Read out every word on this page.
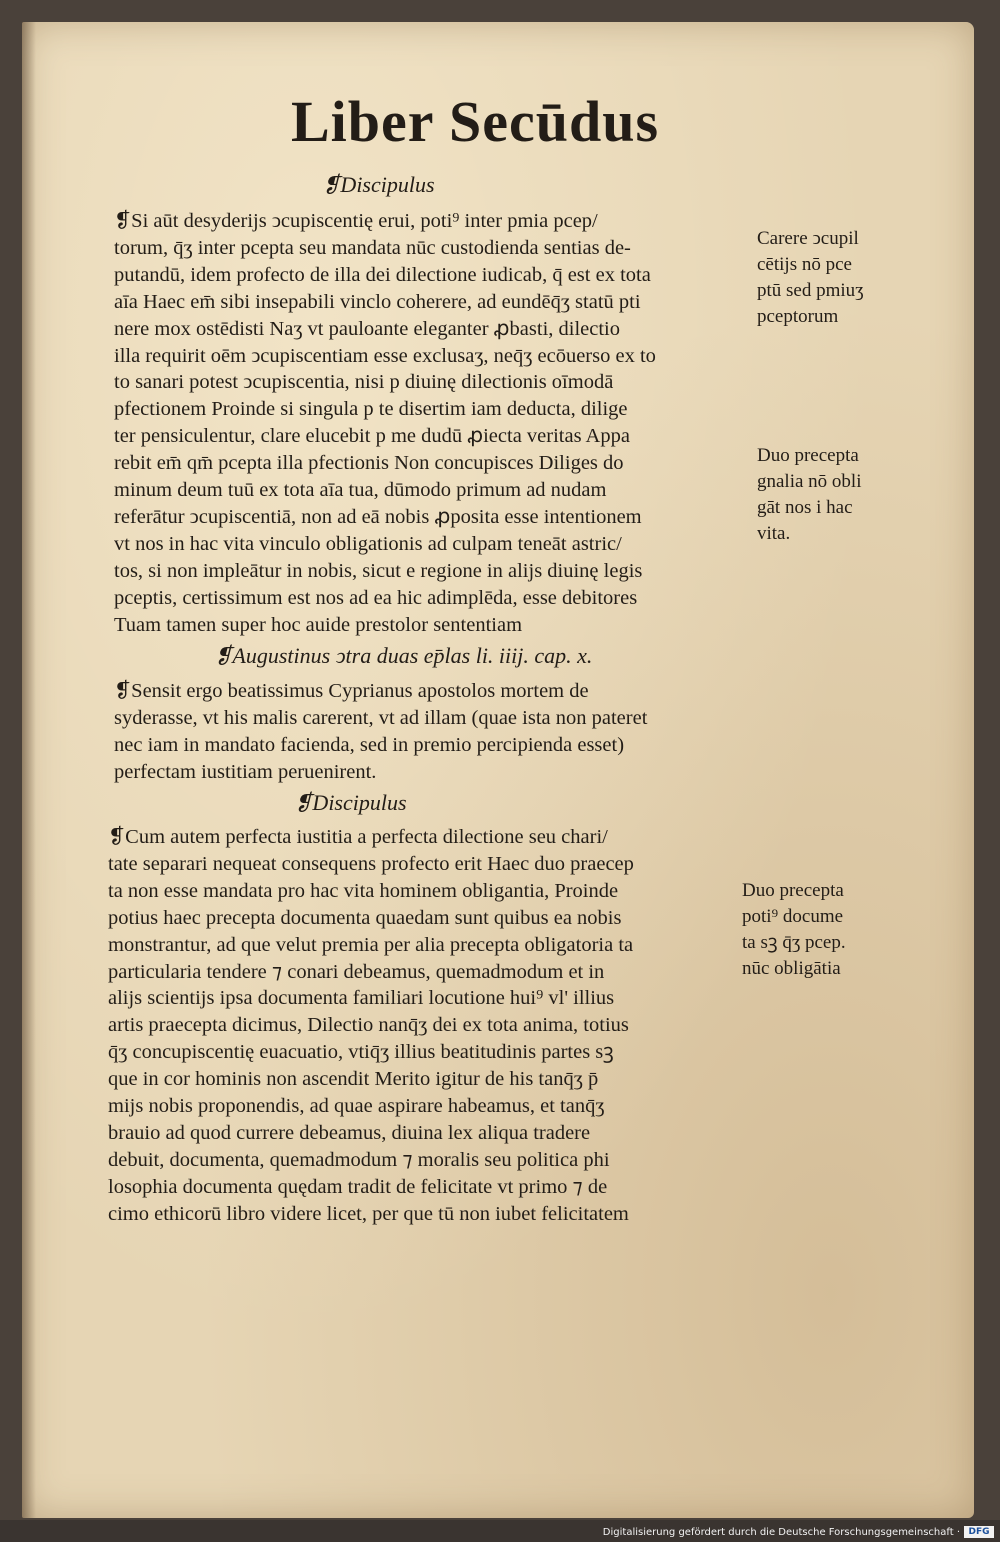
Liber Secūdus
❡Discipulus
❡Si aūt desyderijs ↄcupiscentię erui, poti⁹ inter pmia pcep/
torum, q̄ʒ inter pcepta seu mandata nūc custodienda sentias de-
putandū, idem profecto de illa dei dilectione iudicab, q̄ est ex tota
aīa Haec em̄ sibi insepabili vinclo coherere, ad eundēq̄ʒ statū pti
nere mox ostēdisti Naʒ vt pauloante eleganter ꝓbasti, dilectio
illa requirit oēm ↄcupiscentiam esse exclusaʒ, neq̄ʒ ecōuerso ex to
to sanari potest ↄcupiscentia, nisi p diuinę dilectionis oīmodā
pfectionem Proinde si singula p te disertim iam deducta, dilige
ter pensiculentur, clare elucebit p me dudū ꝓiecta veritas Appa
rebit em̄ qm̄ pcepta illa pfectionis Non concupisces Diliges do
minum deum tuū ex tota aīa tua, dūmodo primum ad nudam
referātur ↄcupiscentiā, non ad eā nobis ꝓposita esse intentionem
vt nos in hac vita vinculo obligationis ad culpam teneāt astric/
tos, si non impleātur in nobis, sicut e regione in alijs diuinę legis
pceptis, certissimum est nos ad ea hic adimplēda, esse debitores
Tuam tamen super hoc auide prestolor sententiam
❡Augustinus ↄtra duas ep̄las li. iiij. cap. x.
❡Sensit ergo beatissimus Cyprianus apostolos mortem de
syderasse, vt his malis carerent, vt ad illam (quae ista non pateret
nec iam in mandato facienda, sed in premio percipienda esset)
perfectam iustitiam peruenirent.
❡Discipulus
❡Cum autem perfecta iustitia a perfecta dilectione seu chari/
tate separari nequeat consequens profecto erit Haec duo praecep
ta non esse mandata pro hac vita hominem obligantia, Proinde
potius haec precepta documenta quaedam sunt quibus ea nobis
monstrantur, ad que velut premia per alia precepta obligatoria ta
particularia tendere ⁊ conari debeamus, quemadmodum et in
alijs scientijs ipsa documenta familiari locutione hui⁹ vl' illius
artis praecepta dicimus, Dilectio nanq̄ʒ dei ex tota anima, totius
q̄ʒ concupiscentię euacuatio, vtiq̄ʒ illius beatitudinis partes sꝫ
que in cor hominis non ascendit Merito igitur de his tanq̄ʒ p̄
mijs nobis proponendis, ad quae aspirare habeamus, et tanq̄ʒ
brauio ad quod currere debeamus, diuina lex aliqua tradere
debuit, documenta, quemadmodum ⁊ moralis seu politica phi
losophia documenta quędam tradit de felicitate vt primo ⁊ de
cimo ethicorū libro videre licet, per que tū non iubet felicitatem
Carere ↄcupil
cētijs nō pce
ptū sed pmiuʒ
pceptorum
Duo precepta
gnalia nō obli
gāt nos i hac
vita.
Duo precepta
poti⁹ docume
ta sꝫ q̄ʒ pcep.
nūc obligātia
Digitalisierung gefördert durch die Deutsche Forschungsgemeinschaft · DFG
